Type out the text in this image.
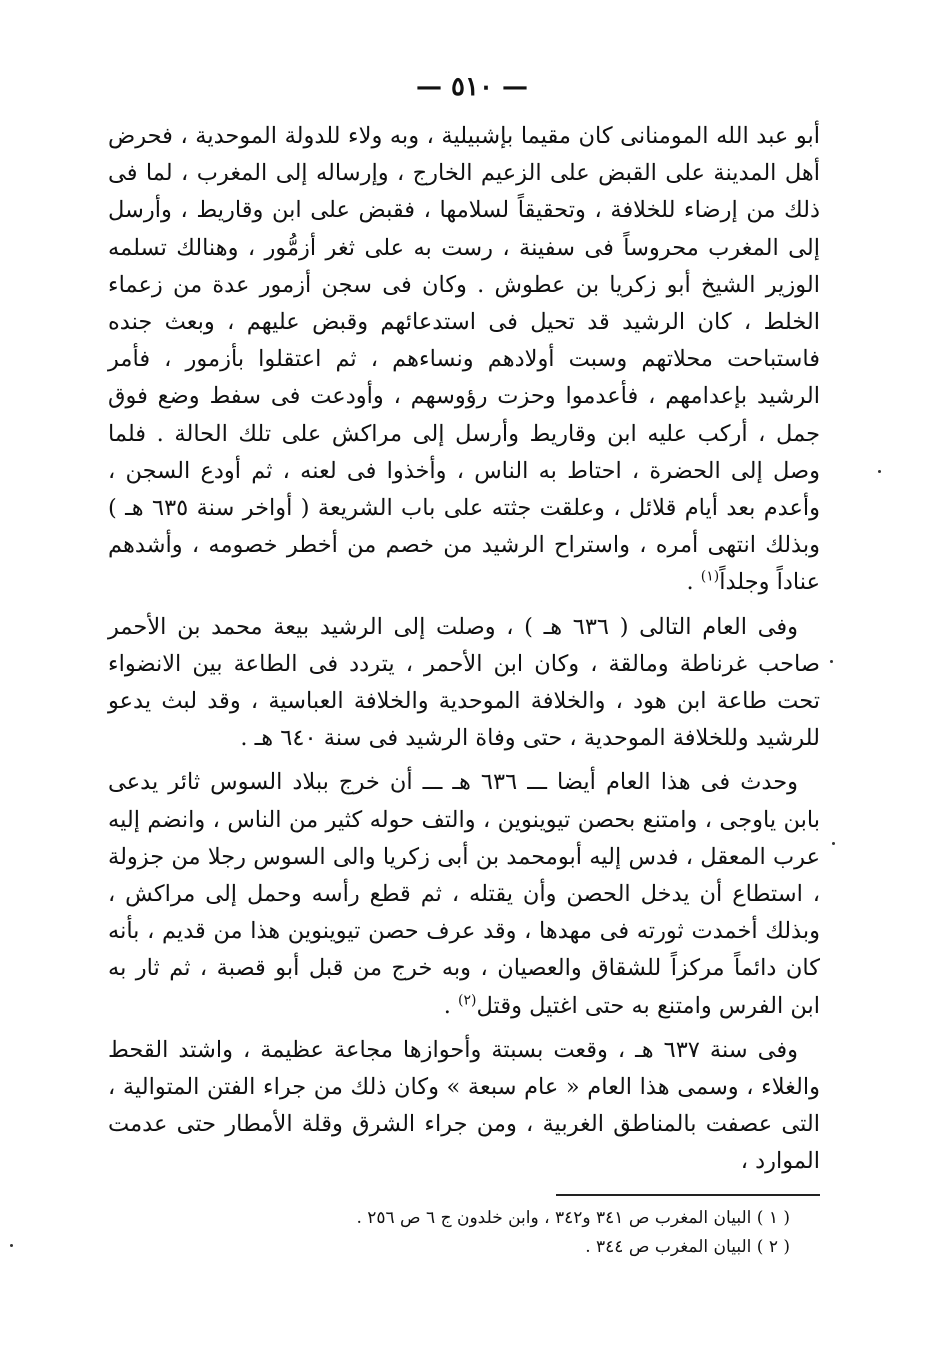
— ٥١٠ —

أبو عبد الله المومنانى كان مقيما بإشبيلية ، وبه ولاء للدولة الموحدية ، فحرض أهل المدينة على القبض على الزعيم الخارج ، وإرساله إلى المغرب ، لما فى ذلك من إرضاء للخلافة ، وتحقيقاً لسلامها ، فقبض على ابن وقاريط ، وأرسل إلى المغرب محروساً فى سفينة ، رست به على ثغر أزمُّور ، وهنالك تسلمه الوزير الشيخ أبو زكريا بن عطوش . وكان فى سجن أزمور عدة من زعماء الخلط ، كان الرشيد قد تحيل فى استدعائهم وقبض عليهم ، وبعث جنده فاستباحت محلاتهم وسبت أولادهم ونساءهم ، ثم اعتقلوا بأزمور ، فأمر الرشيد بإعدامهم ، فأعدموا وحزت رؤوسهم ، وأودعت فى سفط وضع فوق جمل ، أركب عليه ابن وقاريط وأرسل إلى مراكش على تلك الحالة . فلما وصل إلى الحضرة ، احتاط به الناس ، وأخذوا فى لعنه ، ثم أودع السجن ، وأعدم بعد أيام قلائل ، وعلقت جثته على باب الشريعة ( أواخر سنة ٦٣٥ هـ ) وبذلك انتهى أمره ، واستراح الرشيد من خصم من أخطر خصومه ، وأشدهم عناداً وجلداً$^{(١)}$ .

وفى العام التالى ( ٦٣٦ هـ ) ، وصلت إلى الرشيد بيعة محمد بن الأحمر صاحب غرناطة ومالقة ، وكان ابن الأحمر ، يتردد فى الطاعة بين الانضواء تحت طاعة ابن هود ، والخلافة الموحدية والخلافة العباسية ، وقد لبث يدعو للرشيد وللخلافة الموحدية ، حتى وفاة الرشيد فى سنة ٦٤٠ هـ .

وحدث فى هذا العام أيضا ـــ ٦٣٦ هـ ـــ أن خرج ببلاد السوس ثائر يدعى بابن ياوجى ، وامتنع بحصن تيوينوين ، والتف حوله كثير من الناس ، وانضم إليه عرب المعقل ، فدس إليه أبومحمد بن أبى زكريا والى السوس رجلا من جزولة ، استطاع أن يدخل الحصن وأن يقتله ، ثم قطع رأسه وحمل إلى مراكش ، وبذلك أخمدت ثورته فى مهدها ، وقد عرف حصن تيوينوين هذا من قديم ، بأنه كان دائماً مركزاً للشقاق والعصيان ، وبه خرج من قبل أبو قصبة ، ثم ثار به ابن الفرس وامتنع به حتى اغتيل وقتل$^{(٢)}$ .

وفى سنة ٦٣٧ هـ ، وقعت بسبتة وأحوازها مجاعة عظيمة ، واشتد القحط والغلاء ، وسمى هذا العام « عام سبعة » وكان ذلك من جراء الفتن المتوالية ، التى عصفت بالمناطق الغربية ، ومن جراء الشرق وقلة الأمطار حتى عدمت الموارد ،

( ١ ) البيان المغرب ص ٣٤١ و٣٤٢ ، وابن خلدون ج ٦ ص ٢٥٦ .

( ٢ ) البيان المغرب ص ٣٤٤ .
